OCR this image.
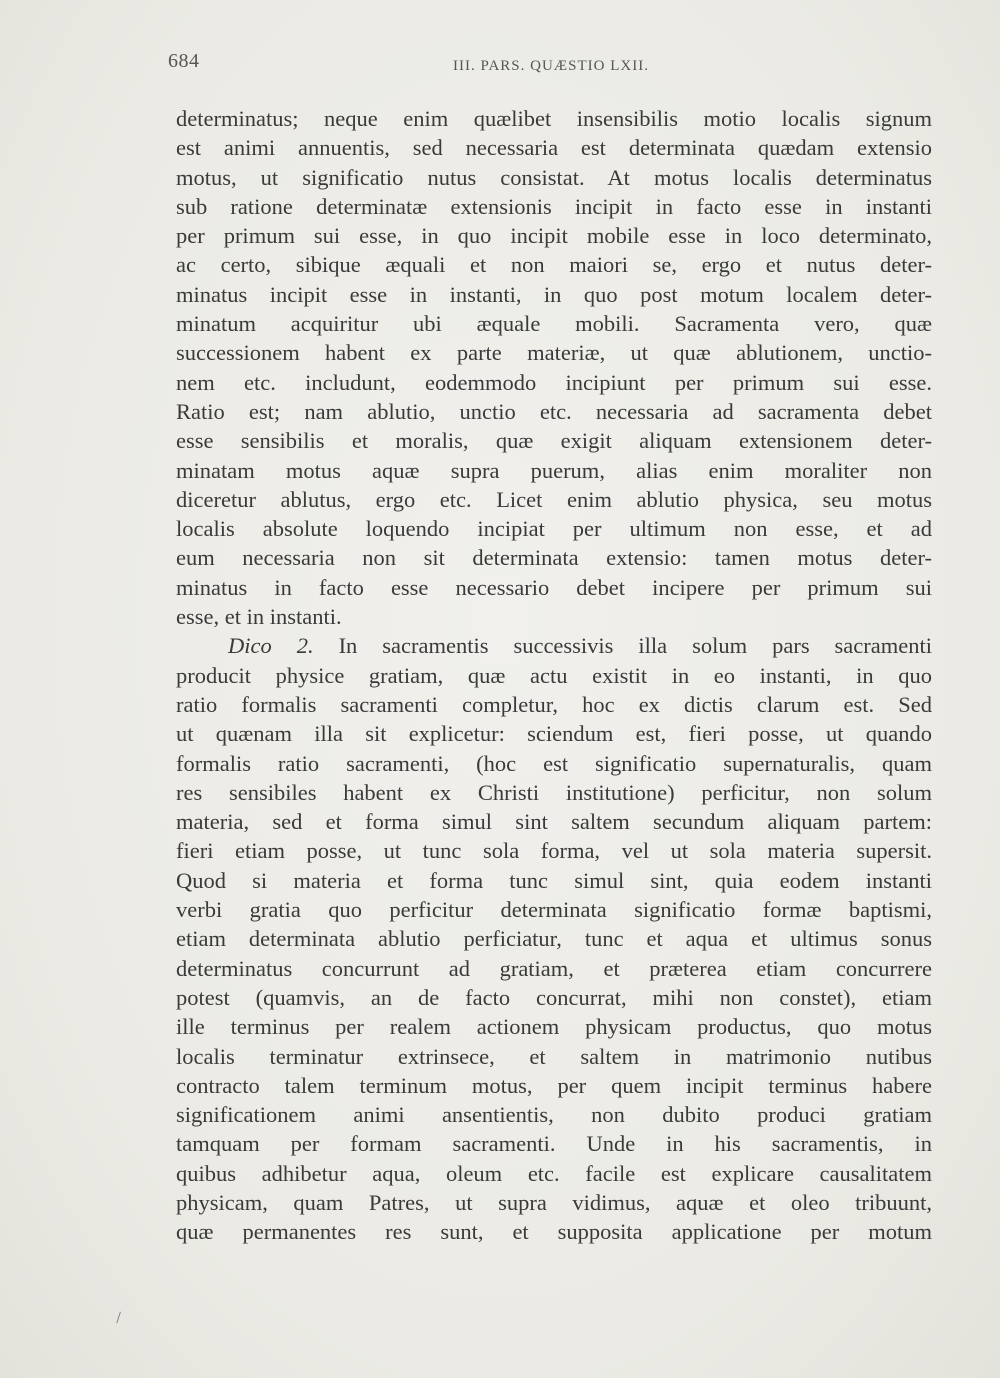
684	III. PARS. QUÆSTIO LXII.
determinatus; neque enim quælibet insensibilis motio localis signum
est animi annuentis, sed necessaria est determinata quædam extensio
motus, ut significatio nutus consistat. At motus localis determinatus
sub ratione determinatæ extensionis incipit in facto esse in instanti
per primum sui esse, in quo incipit mobile esse in loco determinato,
ac certo, sibique æquali et non maiori se, ergo et nutus deter-
minatus incipit esse in instanti, in quo post motum localem deter-
minatum acquiritur ubi æquale mobili. Sacramenta vero, quæ
successionem habent ex parte materiæ, ut quæ ablutionem, unctio-
nem etc. includunt, eodemmodo incipiunt per primum sui esse.
Ratio est; nam ablutio, unctio etc. necessaria ad sacramenta debet
esse sensibilis et moralis, quæ exigit aliquam extensionem deter-
minatam motus aquæ supra puerum, alias enim moraliter non
diceretur ablutus, ergo etc. Licet enim ablutio physica, seu motus
localis absolute loquendo incipiat per ultimum non esse, et ad
eum necessaria non sit determinata extensio: tamen motus deter-
minatus in facto esse necessario debet incipere per primum sui
esse, et in instanti.
Dico 2. In sacramentis successivis illa solum pars sacramenti
producit physice gratiam, quæ actu existit in eo instanti, in quo
ratio formalis sacramenti completur, hoc ex dictis clarum est. Sed
ut quænam illa sit explicetur: sciendum est, fieri posse, ut quando
formalis ratio sacramenti, (hoc est significatio supernaturalis, quam
res sensibiles habent ex Christi institutione) perficitur, non solum
materia, sed et forma simul sint saltem secundum aliquam partem:
fieri etiam posse, ut tunc sola forma, vel ut sola materia supersit.
Quod si materia et forma tunc simul sint, quia eodem instanti
verbi gratia quo perficitur determinata significatio formæ baptismi,
etiam determinata ablutio perficiatur, tunc et aqua et ultimus sonus
determinatus concurrunt ad gratiam, et præterea etiam concurrere
potest (quamvis, an de facto concurrat, mihi non constet), etiam
ille terminus per realem actionem physicam productus, quo motus
localis terminatur extrinsece, et saltem in matrimonio nutibus
contracto talem terminum motus, per quem incipit terminus habere
significationem animi ansentientis, non dubito produci gratiam
tamquam per formam sacramenti. Unde in his sacramentis, in
quibus adhibetur aqua, oleum etc. facile est explicare causalitatem
physicam, quam Patres, ut supra vidimus, aquæ et oleo tribuunt,
quæ permanentes res sunt, et supposita applicatione per motum
